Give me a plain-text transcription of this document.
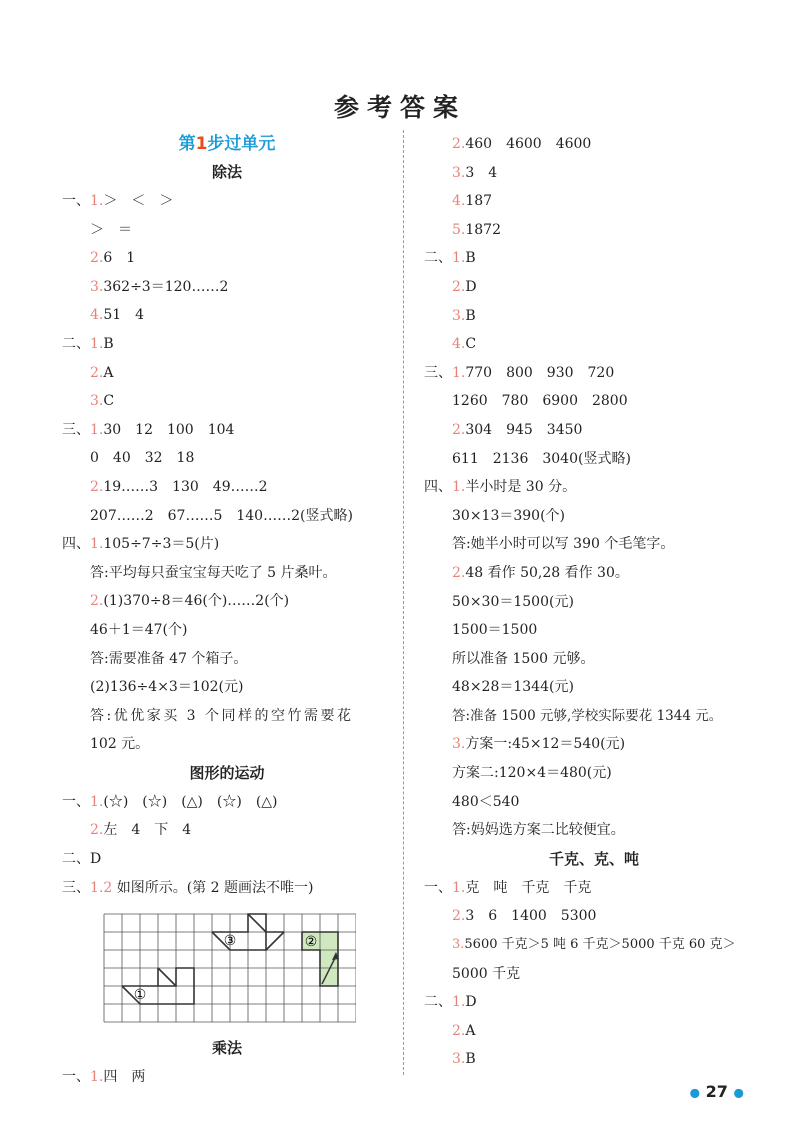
参考答案
第1步过单元
除法
一、1.＞　＜　＞
＞　＝
2.6　1
3.362÷3＝120……2
4.51　4
二、1.B
2.A
3.C
三、1.30　12　100　104
0　40　32　18
2.19……3　130　49……2
207……2　67……5　140……2(竖式略)
四、1.105÷7÷3＝5(片)
答:平均每只蚕宝宝每天吃了 5 片桑叶。
2.(1)370÷8＝46(个)……2(个)
46＋1＝47(个)
答:需要准备 47 个箱子。
(2)136÷4×3＝102(元)
答:优优家买 3 个同样的空竹需要花
102 元。
图形的运动
一、1.(☆)　(☆)　(△)　(☆)　(△)
2.左　4　下　4
二、D
三、1.2 如图所示。(第 2 题画法不唯一)
①
②
③
乘法
一、1.四　两
2.460　4600　4600
3.3　4
4.187
5.1872
二、1.B
2.D
3.B
4.C
三、1.770　800　930　720
1260　780　6900　2800
2.304　945　3450
611　2136　3040(竖式略)
四、1.半小时是 30 分。
30×13＝390(个)
答:她半小时可以写 390 个毛笔字。
2.48 看作 50,28 看作 30。
50×30＝1500(元)
1500＝1500
所以准备 1500 元够。
48×28＝1344(元)
答:准备 1500 元够,学校实际要花 1344 元。
3.方案一:45×12＝540(元)
方案二:120×4＝480(元)
480＜540
答:妈妈选方案二比较便宜。
千克、克、吨
一、1.克　吨　千克　千克
2.3　6　1400　5300
3.5600 千克＞5 吨 6 千克＞5000 千克 60 克＞
5000 千克
二、1.D
2.A
3.B
● 27 ●
